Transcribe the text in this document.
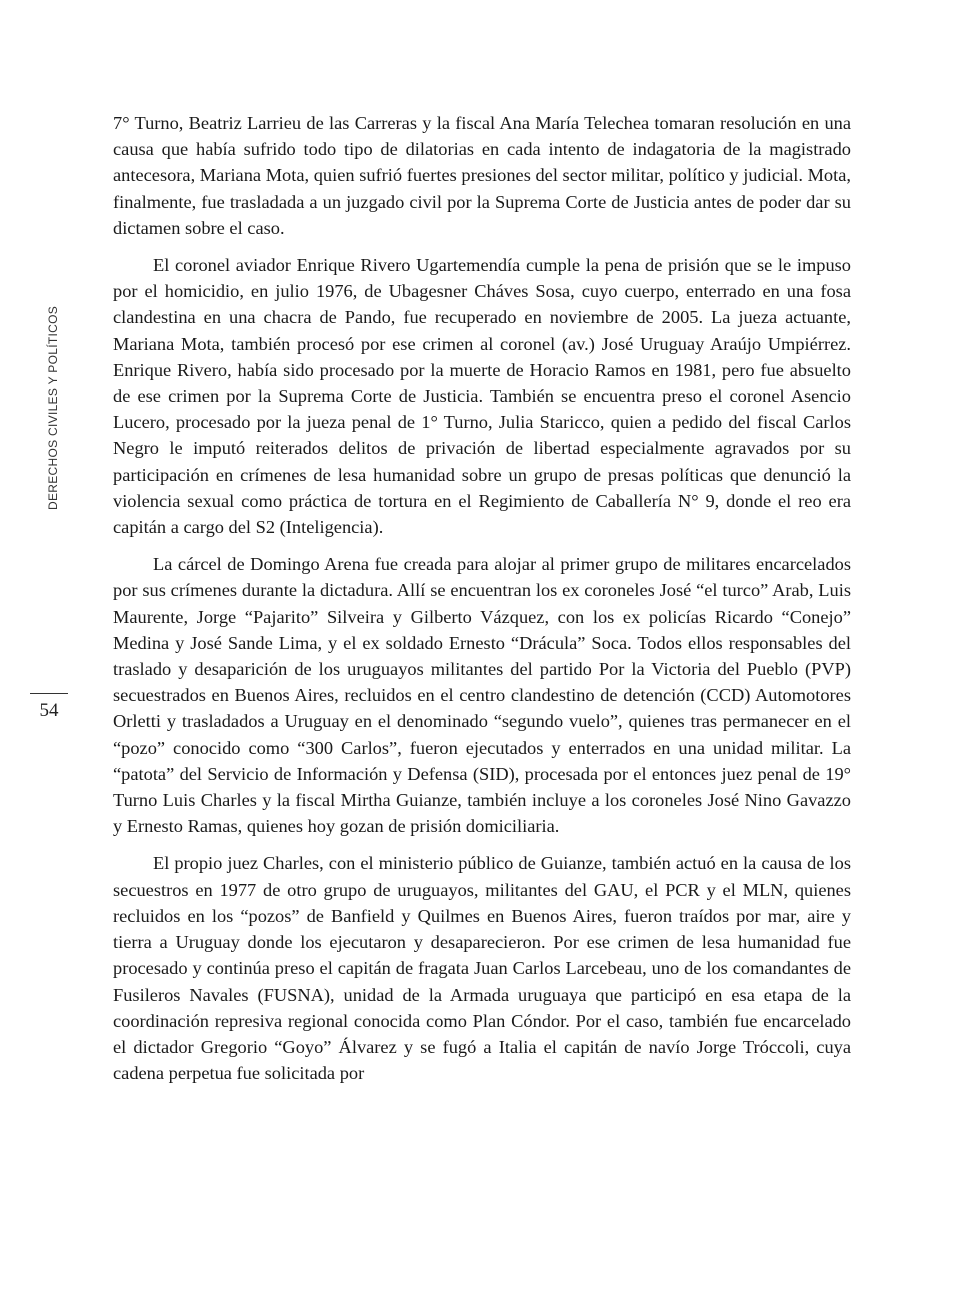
DERECHOS CIVILES Y POLÍTICOS
54

7° Turno, Beatriz Larrieu de las Carreras y la fiscal Ana María Telechea tomaran resolución en una causa que había sufrido todo tipo de dilatorias en cada intento de indagatoria de la magistrado antecesora, Mariana Mota, quien sufrió fuertes presiones del sector militar, político y judicial. Mota, finalmente, fue trasladada a un juzgado civil por la Suprema Corte de Justicia antes de poder dar su dictamen sobre el caso.

El coronel aviador Enrique Rivero Ugartemendía cumple la pena de prisión que se le impuso por el homicidio, en julio 1976, de Ubagesner Cháves Sosa, cuyo cuerpo, enterrado en una fosa clandestina en una chacra de Pando, fue recuperado en noviembre de 2005. La jueza actuante, Mariana Mota, también procesó por ese crimen al coronel (av.) José Uruguay Araújo Umpiérrez. Enrique Rivero, había sido procesado por la muerte de Horacio Ramos en 1981, pero fue absuelto de ese crimen por la Suprema Corte de Justicia. También se encuentra preso el coronel Asencio Lucero, procesado por la jueza penal de 1° Turno, Julia Staricco, quien a pedido del fiscal Carlos Negro le imputó reiterados delitos de privación de libertad especialmente agravados por su participación en crímenes de lesa humanidad sobre un grupo de presas políticas que denunció la violencia sexual como práctica de tortura en el Regimiento de Caballería N° 9, donde el reo era capitán a cargo del S2 (Inteligencia).

La cárcel de Domingo Arena fue creada para alojar al primer grupo de militares encarcelados por sus crímenes durante la dictadura. Allí se encuentran los ex coroneles José “el turco” Arab, Luis Maurente, Jorge “Pajarito” Silveira y Gilberto Vázquez, con los ex policías Ricardo “Conejo” Medina y José Sande Lima, y el ex soldado Ernesto “Drácula” Soca. Todos ellos responsables del traslado y desaparición de los uruguayos militantes del partido Por la Victoria del Pueblo (PVP) secuestrados en Buenos Aires, recluidos en el centro clandestino de detención (CCD) Automotores Orletti y trasladados a Uruguay en el denominado “segundo vuelo”, quienes tras permanecer en el “pozo” conocido como “300 Carlos”, fueron ejecutados y enterrados en una unidad militar. La “patota” del Servicio de Información y Defensa (SID), procesada por el entonces juez penal de 19° Turno Luis Charles y la fiscal Mirtha Guianze, también incluye a los coroneles José Nino Gavazzo y Ernesto Ramas, quienes hoy gozan de prisión domiciliaria.

El propio juez Charles, con el ministerio público de Guianze, también actuó en la causa de los secuestros en 1977 de otro grupo de uruguayos, militantes del GAU, el PCR y el MLN, quienes recluidos en los “pozos” de Banfield y Quilmes en Buenos Aires, fueron traídos por mar, aire y tierra a Uruguay donde los ejecutaron y desaparecieron. Por ese crimen de lesa humanidad fue procesado y continúa preso el capitán de fragata Juan Carlos Larcebeau, uno de los comandantes de Fusileros Navales (FUSNA), unidad de la Armada uruguaya que participó en esa etapa de la coordinación represiva regional conocida como Plan Cóndor. Por el caso, también fue encarcelado el dictador Gregorio “Goyo” Álvarez y se fugó a Italia el capitán de navío Jorge Tróccoli, cuya cadena perpetua fue solicitada por
